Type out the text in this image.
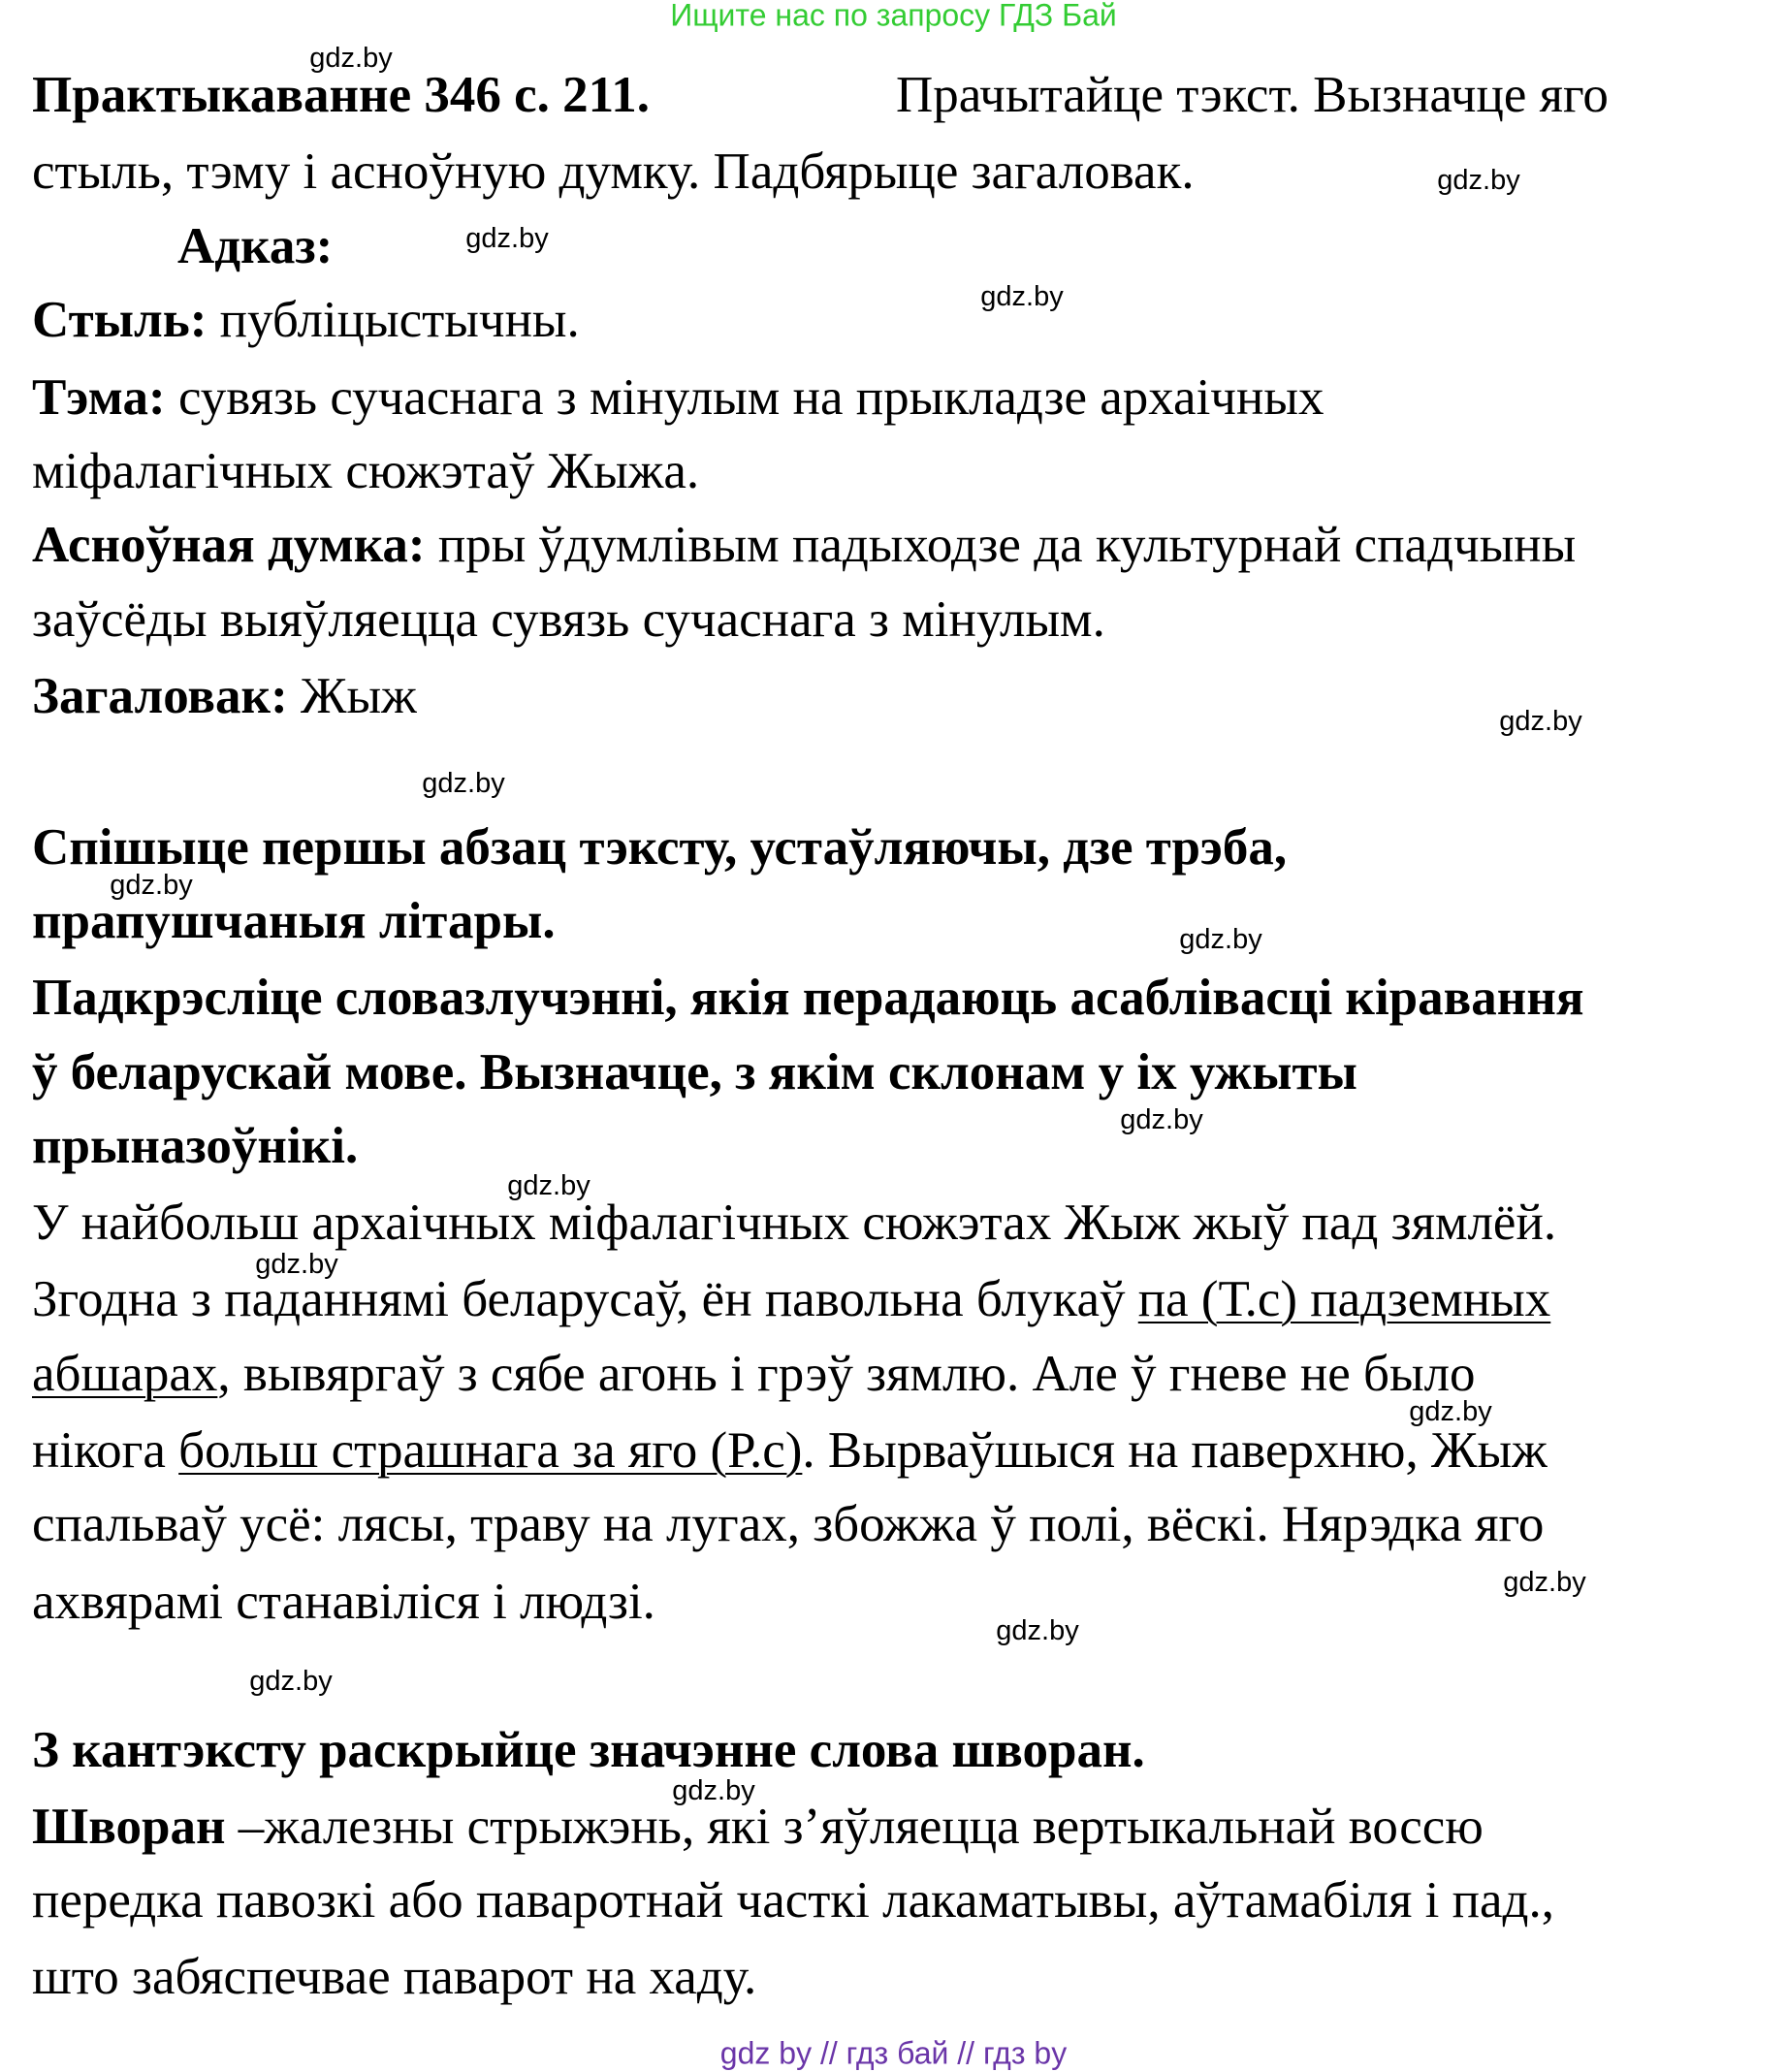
Ищите нас по запросу ГДЗ Бай
Практыкаванне 346 с. 211.	Прачытайце тэкст. Вызначце яго
стыль, тэму і асноўную думку. Падбярыце загаловак.
Адказ:
Стыль: публіцыстычны.
Тэма: сувязь сучаснага з мінулым на прыкладзе архаічных
міфалагічных сюжэтаў Жыжа.
Асноўная думка: пры ўдумлівым падыходзе да культурнай спадчыны
заўсёды выяўляецца сувязь сучаснага з мінулым.
Загаловак: Жыж
Спішыце першы абзац тэксту, устаўляючы, дзе трэба,
прапушчаныя літары.
Падкрэсліце словазлучэнні, якія перадаюць асаблівасці кіравання
ў беларускай мове. Вызначце, з якім склонам у іх ужыты
прыназоўнікі.
У найбольш архаічных міфалагічных сюжэтах Жыж жыў пад зямлёй.
Згодна з паданнямі беларусаў, ён павольна блукаў па (Т.с) падземных
абшарах, вывяргаў з сябе агонь і грэў зямлю. Але ў гневе не было
нікога больш страшнага за яго (Р.с). Вырваўшыся на паверхню, Жыж
спальваў усё: лясы, траву на лугах, збожжа ў полі, вёскі. Нярэдка яго
ахвярамі станавіліся і людзі.
З кантэксту раскрыйце значэнне слова шворан.
Шворан –жалезны стрыжэнь, які з’яўляецца вертыкальнай воссю
передка павозкі або паваротнай часткі лакаматывы, аўтамабіля і пад.,
што забяспечвае паварот на хаду.
gdz.by
gdz.by
gdz.by
gdz.by
gdz.by
gdz.by
gdz.by
gdz.by
gdz.by
gdz.by
gdz.by
gdz.by
gdz.by
gdz.by
gdz.by
gdz.by
gdz by // гдз бай // гдз by
